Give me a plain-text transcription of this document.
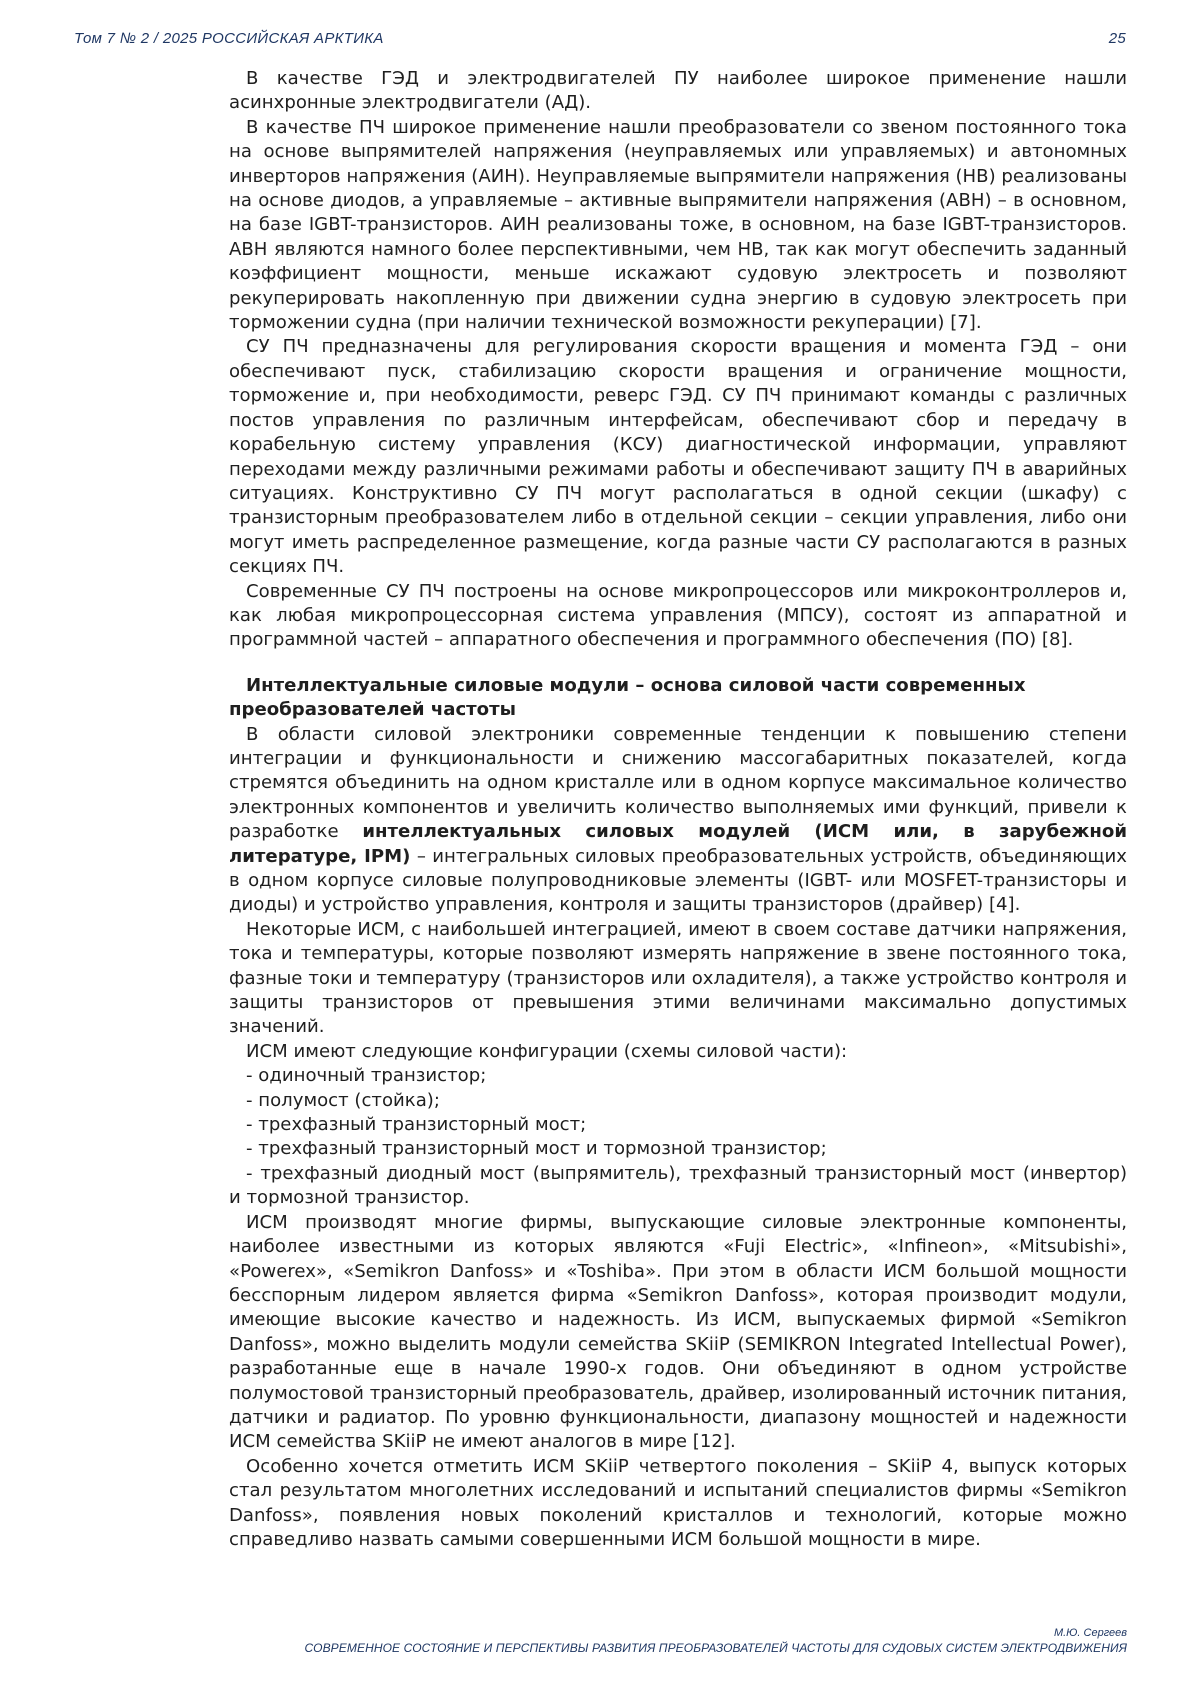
Том 7 № 2 / 2025 РОССИЙСКАЯ АРКТИКА	25

В качестве ГЭД и электродвигателей ПУ наиболее широкое применение нашли асинхронные электродвигатели (АД).

В качестве ПЧ широкое применение нашли преобразователи со звеном постоянного тока на основе выпрямителей напряжения (неуправляемых или управляемых) и автономных инверторов напряжения (АИН). Неуправляемые выпрямители напряжения (НВ) реализованы на основе диодов, а управляемые – активные выпрямители напряжения (АВН) – в основном, на базе IGBT-транзисторов. АИН реализованы тоже, в основном, на базе IGBT-транзисторов. АВН являются намного более перспективными, чем НВ, так как могут обеспечить заданный коэффициент мощности, меньше искажают судовую электросеть и позволяют рекуперировать накопленную при движении судна энергию в судовую электросеть при торможении судна (при наличии технической возможности рекуперации) [7].

СУ ПЧ предназначены для регулирования скорости вращения и момента ГЭД – они обеспечивают пуск, стабилизацию скорости вращения и ограничение мощности, торможение и, при необходимости, реверс ГЭД. СУ ПЧ принимают команды с различных постов управления по различным интерфейсам, обеспечивают сбор и передачу в корабельную систему управления (КСУ) диагностической информации, управляют переходами между различными режимами работы и обеспечивают защиту ПЧ в аварийных ситуациях. Конструктивно СУ ПЧ могут располагаться в одной секции (шкафу) с транзисторным преобразователем либо в отдельной секции – секции управления, либо они могут иметь распределенное размещение, когда разные части СУ располагаются в разных секциях ПЧ.

Современные СУ ПЧ построены на основе микропроцессоров или микроконтроллеров и, как любая микропроцессорная система управления (МПСУ), состоят из аппаратной и программной частей – аппаратного обеспечения и программного обеспечения (ПО) [8].

Интеллектуальные силовые модули – основа силовой части современных преобразователей частоты

В области силовой электроники современные тенденции к повышению степени интеграции и функциональности и снижению массогабаритных показателей, когда стремятся объединить на одном кристалле или в одном корпусе максимальное количество электронных компонентов и увеличить количество выполняемых ими функций, привели к разработке интеллектуальных силовых модулей (ИСМ или, в зарубежной литературе, IPM) – интегральных силовых преобразовательных устройств, объединяющих в одном корпусе силовые полупроводниковые элементы (IGBT- или MOSFET-транзисторы и диоды) и устройство управления, контроля и защиты транзисторов (драйвер) [4].

Некоторые ИСМ, с наибольшей интеграцией, имеют в своем составе датчики напряжения, тока и температуры, которые позволяют измерять напряжение в звене постоянного тока, фазные токи и температуру (транзисторов или охладителя), а также устройство контроля и защиты транзисторов от превышения этими величинами максимально допустимых значений.

ИСМ имеют следующие конфигурации (схемы силовой части):

- одиночный транзистор;

- полумост (стойка);

- трехфазный транзисторный мост;

- трехфазный транзисторный мост и тормозной транзистор;

- трехфазный диодный мост (выпрямитель), трехфазный транзисторный мост (инвертор) и тормозной транзистор.

ИСМ производят многие фирмы, выпускающие силовые электронные компоненты, наиболее известными из которых являются «Fuji Electric», «Infineon», «Mitsubishi», «Powerex», «Semikron Danfoss» и «Toshiba». При этом в области ИСМ большой мощности бесспорным лидером является фирма «Semikron Danfoss», которая производит модули, имеющие высокие качество и надежность. Из ИСМ, выпускаемых фирмой «Semikron Danfoss», можно выделить модули семейства SKiiP (SEMIKRON Integrated Intellectual Power), разработанные еще в начале 1990-х годов. Они объединяют в одном устройстве полумостовой транзисторный преобразователь, драйвер, изолированный источник питания, датчики и радиатор. По уровню функциональности, диапазону мощностей и надежности ИСМ семейства SKiiP не имеют аналогов в мире [12].

Особенно хочется отметить ИСМ SKiiP четвертого поколения – SKiiP 4, выпуск которых стал результатом многолетних исследований и испытаний специалистов фирмы «Semikron Danfoss», появления новых поколений кристаллов и технологий, которые можно справедливо назвать самыми совершенными ИСМ большой мощности в мире.

М.Ю. Сергеев
СОВРЕМЕННОЕ СОСТОЯНИЕ И ПЕРСПЕКТИВЫ РАЗВИТИЯ ПРЕОБРАЗОВАТЕЛЕЙ ЧАСТОТЫ ДЛЯ СУДОВЫХ СИСТЕМ ЭЛЕКТРОДВИЖЕНИЯ
